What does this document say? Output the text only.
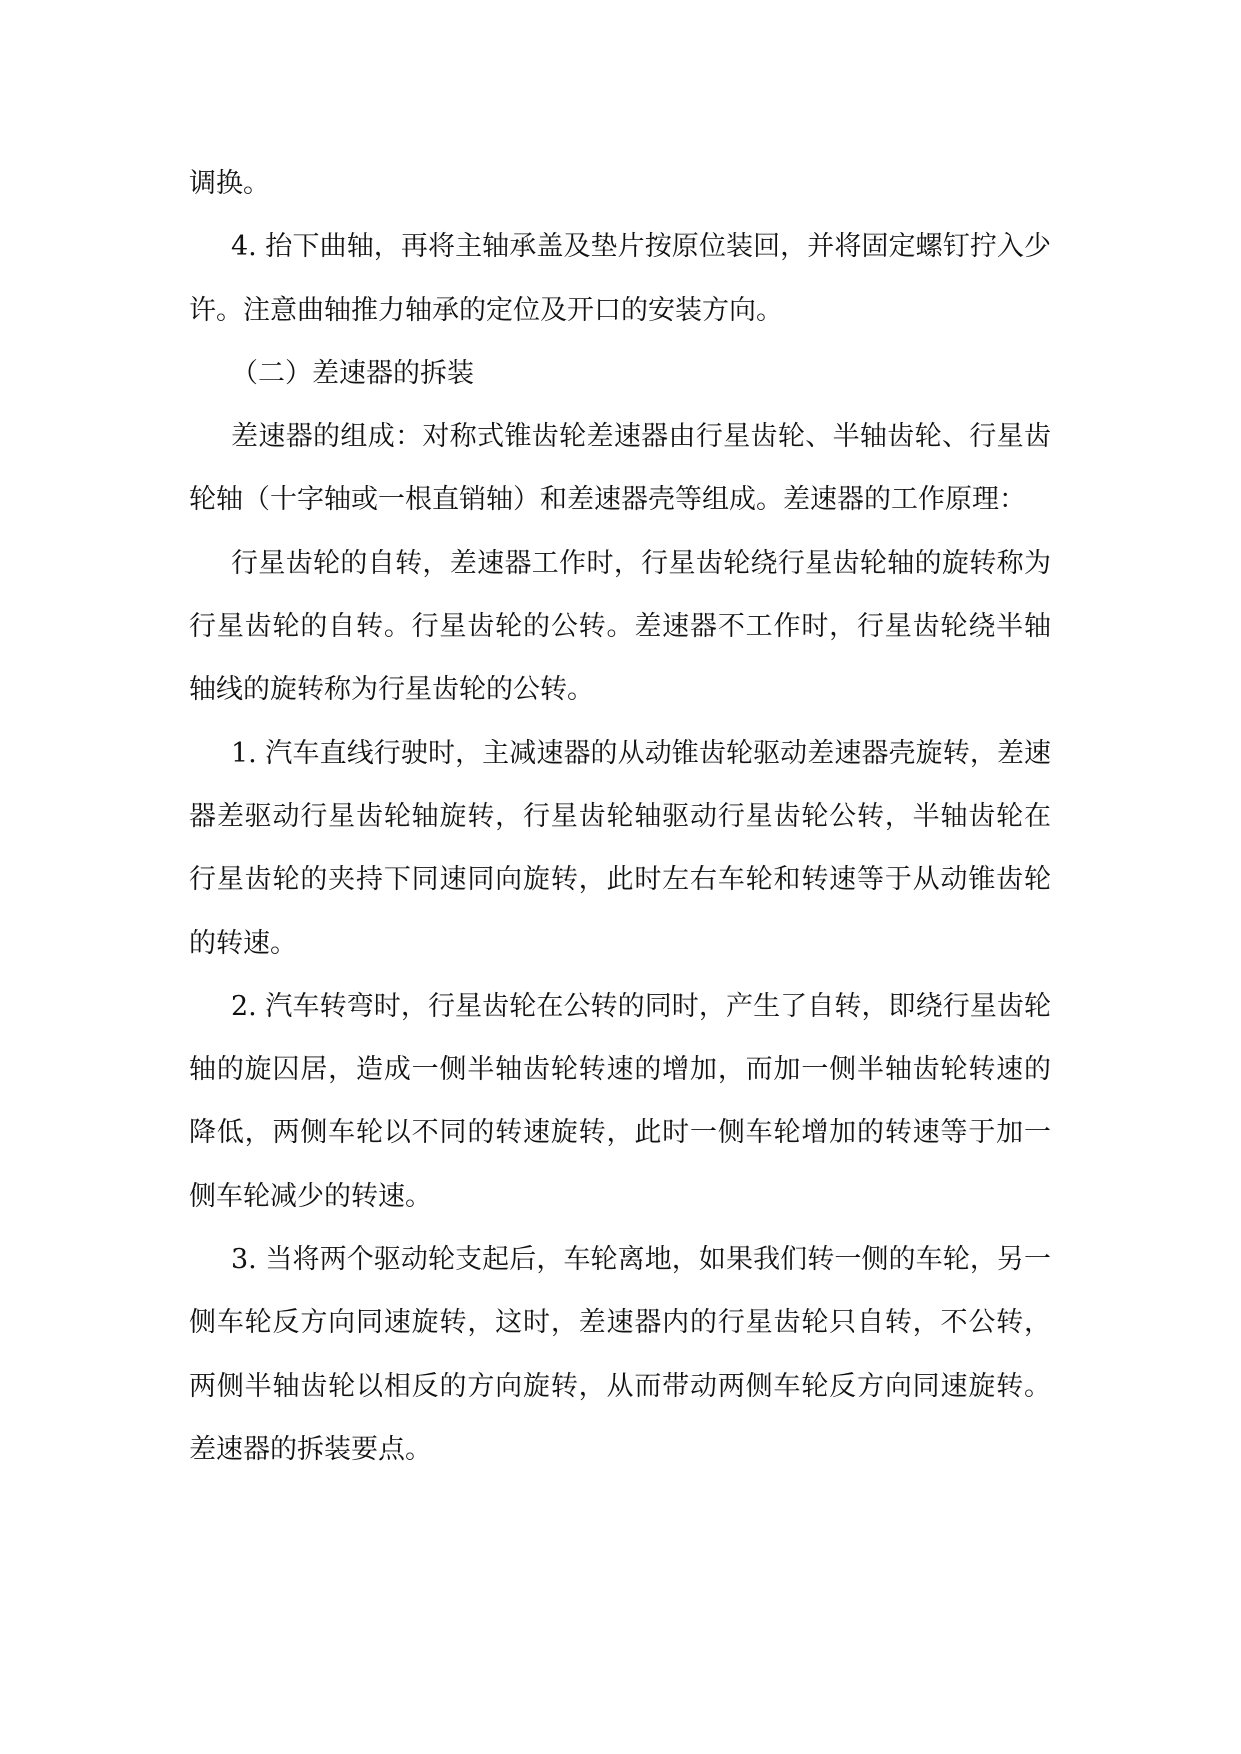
调换。

4. 抬下曲轴，再将主轴承盖及垫片按原位装回，并将固定螺钉拧入少许。注意曲轴推力轴承的定位及开口的安装方向。

（二）差速器的拆装

差速器的组成：对称式锥齿轮差速器由行星齿轮、半轴齿轮、行星齿轮轴（十字轴或一根直销轴）和差速器壳等组成。差速器的工作原理：

行星齿轮的自转，差速器工作时，行星齿轮绕行星齿轮轴的旋转称为行星齿轮的自转。行星齿轮的公转。差速器不工作时，行星齿轮绕半轴轴线的旋转称为行星齿轮的公转。

1. 汽车直线行驶时，主减速器的从动锥齿轮驱动差速器壳旋转，差速器差驱动行星齿轮轴旋转，行星齿轮轴驱动行星齿轮公转，半轴齿轮在行星齿轮的夹持下同速同向旋转，此时左右车轮和转速等于从动锥齿轮的转速。

2. 汽车转弯时，行星齿轮在公转的同时，产生了自转，即绕行星齿轮轴的旋囚居，造成一侧半轴齿轮转速的增加，而加一侧半轴齿轮转速的降低，两侧车轮以不同的转速旋转，此时一侧车轮增加的转速等于加一侧车轮减少的转速。

3. 当将两个驱动轮支起后，车轮离地，如果我们转一侧的车轮，另一侧车轮反方向同速旋转，这时，差速器内的行星齿轮只自转，不公转，两侧半轴齿轮以相反的方向旋转，从而带动两侧车轮反方向同速旋转。差速器的拆装要点。
